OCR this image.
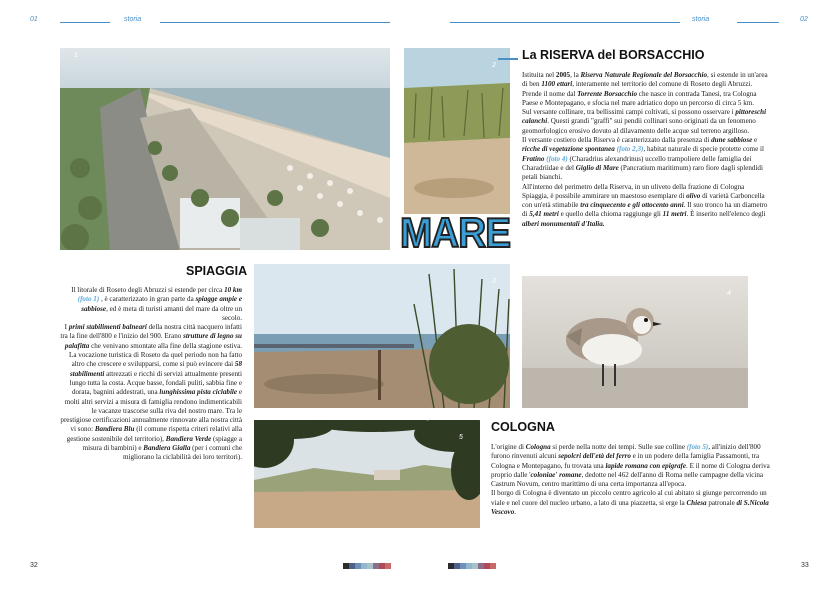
01	storia	storia	02
1
2
MARE
La RISERVA del BORSACCHIO
Istituita nel 2005, la Riserva Naturale Regionale del Borsacchio, si estende in un'area di ben 1100 ettari, interamente nel territorio del comune di Roseto degli Abruzzi.
Prende il nome dal Torrente Borsacchio che nasce in contrada Tanesi, tra Cologna Paese e Montepagano, e sfocia nel mare adriatico dopo un percorso di circa 5 km.
Sul versante collinare, tra bellissimi campi coltivati, si possono osservare i pittoreschi calanchi. Questi grandi "graffi" sui pendii collinari sono originati da un fenomeno geomorfologico erosivo dovuto al dilavamento delle acque sul terreno argilloso.
Il versante costiero della Riserva è caratterizzato dalla presenza di dune sabbiose e ricche di vegetazione spontanea (foto 2,3), habitat naturale di specie protette come il Fratino (foto 4) (Charadrius alexandrinus) uccello trampoliere delle famiglia dei Charadriidae e del Giglio di Mare (Pancratium maritimum) raro fiore dagli splendidi petali bianchi.
All'interno del perimetro della Riserva, in un uliveto della frazione di Cologna Spiaggia, è possibile ammirare un maestoso esemplare di olivo di varietà Carboncella con un'età stimabile tra cinquecento e gli ottocento anni. Il suo tronco ha un diametro di 5,41 metri e quello della chioma raggiunge gli 11 metri. È inserito nell'elenco degli alberi monumentali d'Italia.
SPIAGGIA
Il litorale di Roseto degli Abruzzi si estende per circa 10 km (foto 1) , è caratterizzato in gran parte da spiagge ampie e sabbiose, ed è meta di turisti amanti del mare da oltre un secolo.
I primi stabilimenti balneari della nostra città nacquero infatti tra la fine dell'800 e l'inizio del 900. Erano strutture di legno su palafitta che venivano smontate alla fine della stagione estiva.
La vocazione turistica di Roseto da quel periodo non ha fatto altro che crescere e svilupparsi, come si può evincere dai 58 stabilimenti attrezzati e ricchi di servizi attualmente presenti lungo tutta la costa. Acque basse, fondali puliti, sabbia fine e dorata, bagnini addestrati, una lunghissima pista ciclabile e molti altri servizi a misura di famiglia rendono indimenticabili le vacanze trascorse sulla riva del nostro mare. Tra le prestigiose certificazioni annualmente rinnovate alla nostra città vi sono: Bandiera Blu (il comune rispetta criteri relativi alla gestione sostenibile del territorio), Bandiera Verde (spiagge a misura di bambini) e Bandiera Gialla (per i comuni che migliorano la ciclabilità dei loro territori).
3
4
5
COLOGNA
L'origine di Cologna si perde nella notte dei tempi. Sulle sue colline (foto 5), all'inizio dell'800 furono rinvenuti alcuni sepolcri dell'età del ferro e in un podere della famiglia Passamonti, tra Cologna e Montepagano, fu trovata una lapide romana con epigrafe. E il nome di Cologna deriva proprio dalle 'coloniae' romane, dedotte nel 462 dell'anno di Roma nelle campagne della vicina Castrum Novum, centro marittimo di una certa importanza all'epoca.
Il borgo di Cologna è diventato un piccolo centro agricolo al cui abitato si giunge percorrendo un viale e nel cuore del nucleo urbano, a lato di una piazzetta, si erge la Chiesa patronale di S.Nicola Vescovo.
32	33
